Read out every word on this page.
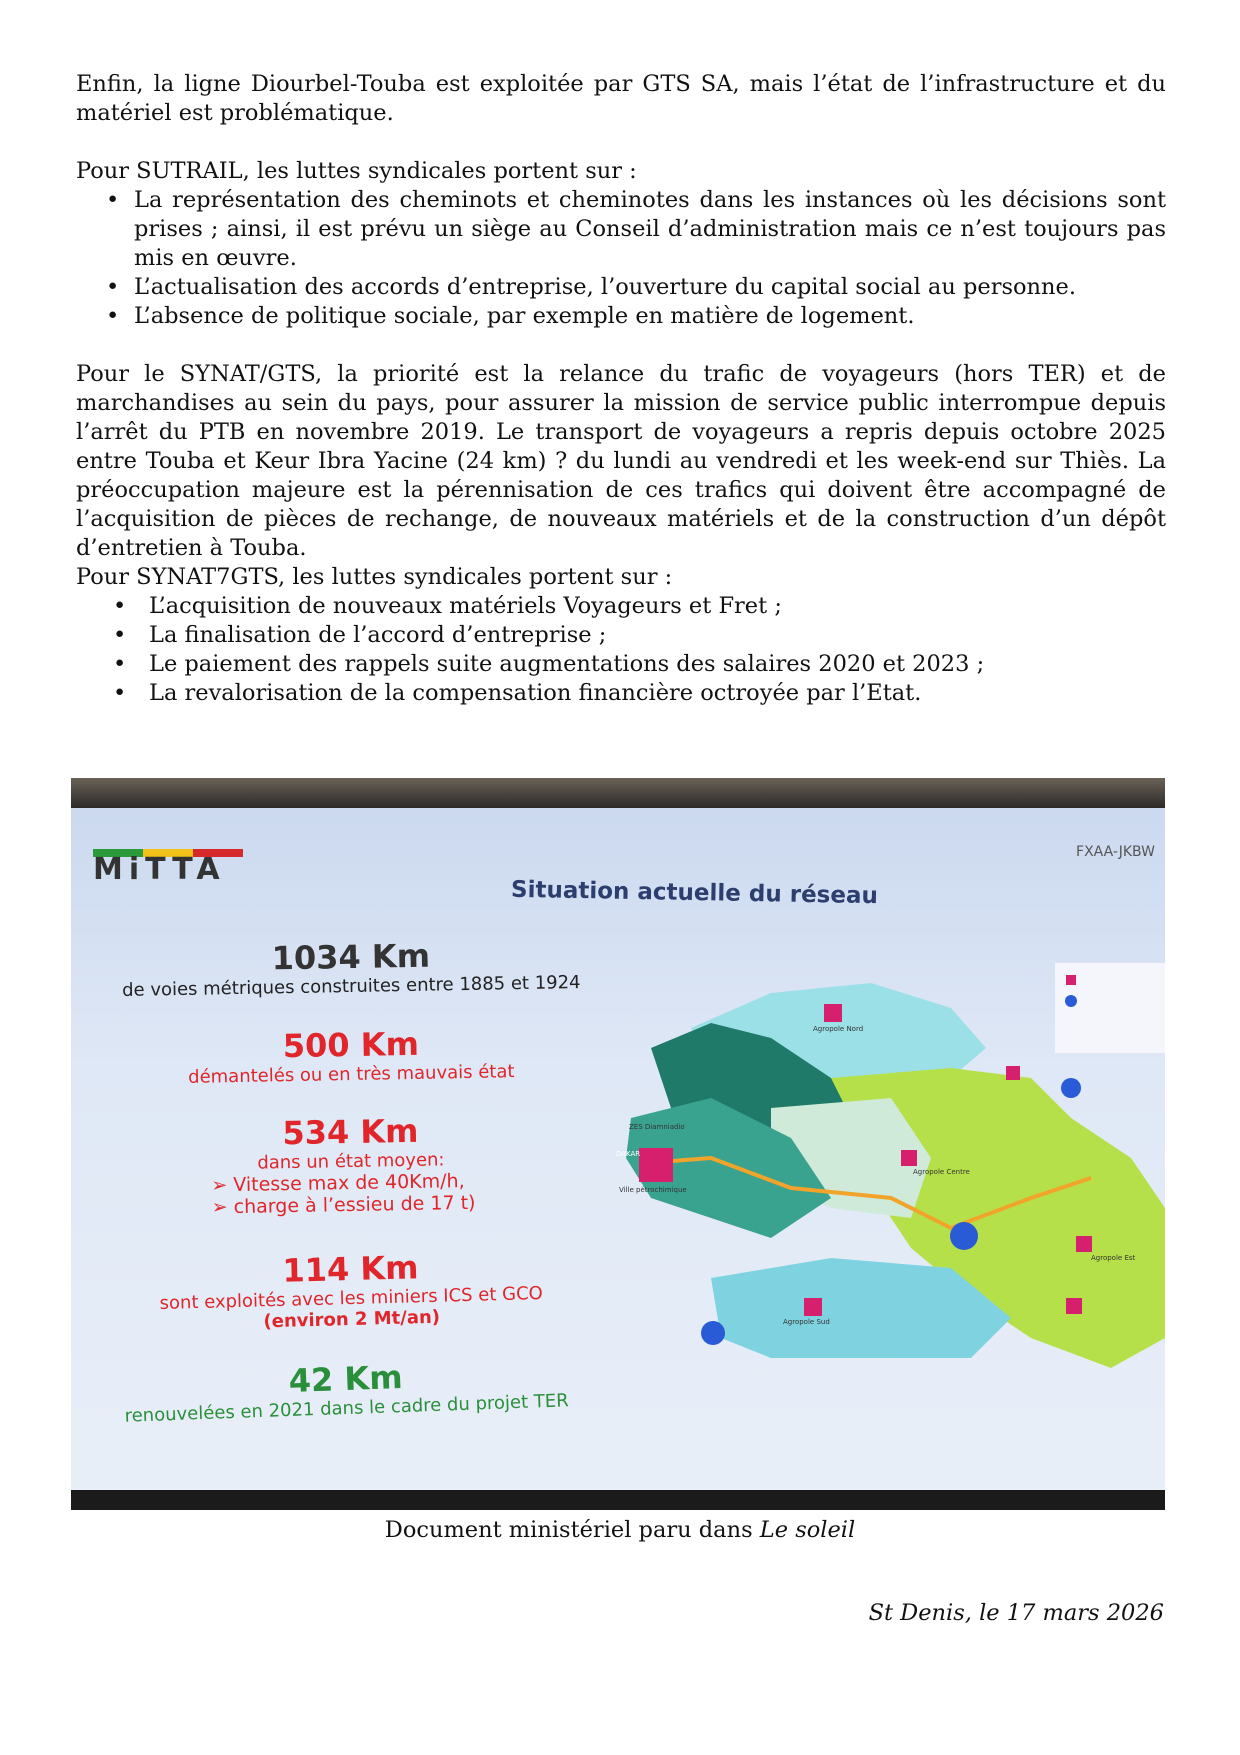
Enfin, la ligne Diourbel-Touba est exploitée par GTS SA, mais l’état de l’infrastructure et du matériel est problématique.

Pour SUTRAIL, les luttes syndicales portent sur :

• La représentation des cheminots et cheminotes dans les instances où les décisions sont prises ; ainsi, il est prévu un siège au Conseil d’administration mais ce n’est toujours pas mis en œuvre.
• L’actualisation des accords d’entreprise, l’ouverture du capital social au personne.
• L’absence de politique sociale, par exemple en matière de logement.

Pour le SYNAT/GTS, la priorité est la relance du trafic de voyageurs (hors TER) et de marchandises au sein du pays, pour assurer la mission de service public interrompue depuis l’arrêt du PTB en novembre 2019. Le transport de voyageurs a repris depuis octobre 2025 entre Touba et Keur Ibra Yacine (24 km) ? du lundi au vendredi et les week-end sur Thiès. La préoccupation majeure est la pérennisation de ces trafics qui doivent être accompagné de l’acquisition de pièces de rechange, de nouveaux matériels et de la construction d’un dépôt d’entretien à Touba.

Pour SYNAT7GTS, les luttes syndicales portent sur :

• L’acquisition de nouveaux matériels Voyageurs et Fret ;
• La finalisation de l’accord d’entreprise ;
• Le paiement des rappels suite augmentations des salaires 2020 et 2023 ;
• La revalorisation de la compensation financière octroyée par l’Etat.
MiTTA	FXAA-JKBW
Situation actuelle du réseau
1034 Km
de voies métriques construites entre 1885 et 1924
500 Km
démantelés ou en très mauvais état
534 Km
dans un état moyen:
➢ Vitesse max de 40Km/h,
➢ charge à l’essieu de 17 t)
114 Km
sont exploités avec les miniers ICS et GCO
(environ 2 Mt/an)
42 Km
renouvelées en 2021 dans le cadre du projet TER
Agropole Nord
Agropole Centre
Agropole Sud
Agropole Est
Ville pétrochimique
ZES Diamniadio
DAKAR
Document ministériel paru dans Le soleil
St Denis, le 17 mars 2026
